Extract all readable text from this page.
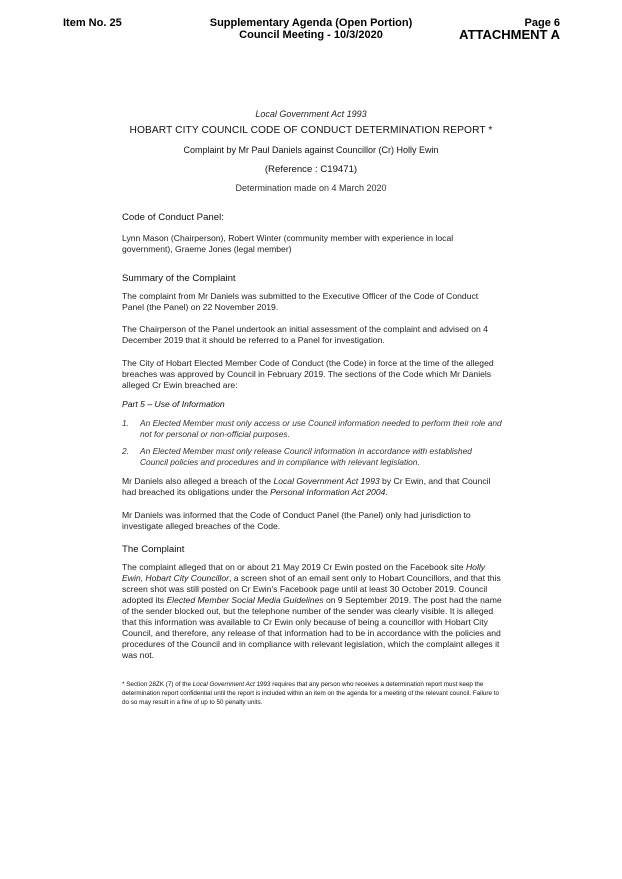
Item No. 25	Supplementary Agenda (Open Portion)
Council Meeting - 10/3/2020
Page 6
ATTACHMENT A
Local Government Act 1993
HOBART CITY COUNCIL CODE OF CONDUCT DETERMINATION REPORT *
Complaint by Mr Paul Daniels against Councillor (Cr) Holly Ewin
(Reference : C19471)
Determination made on 4 March 2020
Code of Conduct Panel:
Lynn Mason (Chairperson), Robert Winter (community member with experience in local government), Graeme Jones (legal member)
Summary of the Complaint
The complaint from Mr Daniels was submitted to the Executive Officer of the Code of Conduct Panel (the Panel) on 22 November 2019.
The Chairperson of the Panel undertook an initial assessment of the complaint and advised on 4 December 2019 that it should be referred to a Panel for investigation.
The City of Hobart Elected Member Code of Conduct (the Code) in force at the time of the alleged breaches was approved by Council in February 2019. The sections of the Code which Mr Daniels alleged Cr Ewin breached are:
Part 5 – Use of Information
1. An Elected Member must only access or use Council information needed to perform their role and not for personal or non-official purposes.
2. An Elected Member must only release Council information in accordance with established Council policies and procedures and in compliance with relevant legislation.
Mr Daniels also alleged a breach of the Local Government Act 1993 by Cr Ewin, and that Council had breached its obligations under the Personal Information Act 2004.
Mr Daniels was informed that the Code of Conduct Panel (the Panel) only had jurisdiction to investigate alleged breaches of the Code.
The Complaint
The complaint alleged that on or about 21 May 2019 Cr Ewin posted on the Facebook site Holly Ewin, Hobart City Councillor, a screen shot of an email sent only to Hobart Councillors, and that this screen shot was still posted on Cr Ewin's Facebook page until at least 30 October 2019. Council adopted its Elected Member Social Media Guidelines on 9 September 2019. The post had the name of the sender blocked out, but the telephone number of the sender was clearly visible. It is alleged that this information was available to Cr Ewin only because of being a councillor with Hobart City Council, and therefore, any release of that information had to be in accordance with the policies and procedures of the Council and in compliance with relevant legislation, which the complaint alleges it was not.
* Section 28ZK (7) of the Local Government Act 1993 requires that any person who receives a determination report must keep the determination report confidential until the report is included within an item on the agenda for a meeting of the relevant council. Failure to do so may result in a fine of up to 50 penalty units.
